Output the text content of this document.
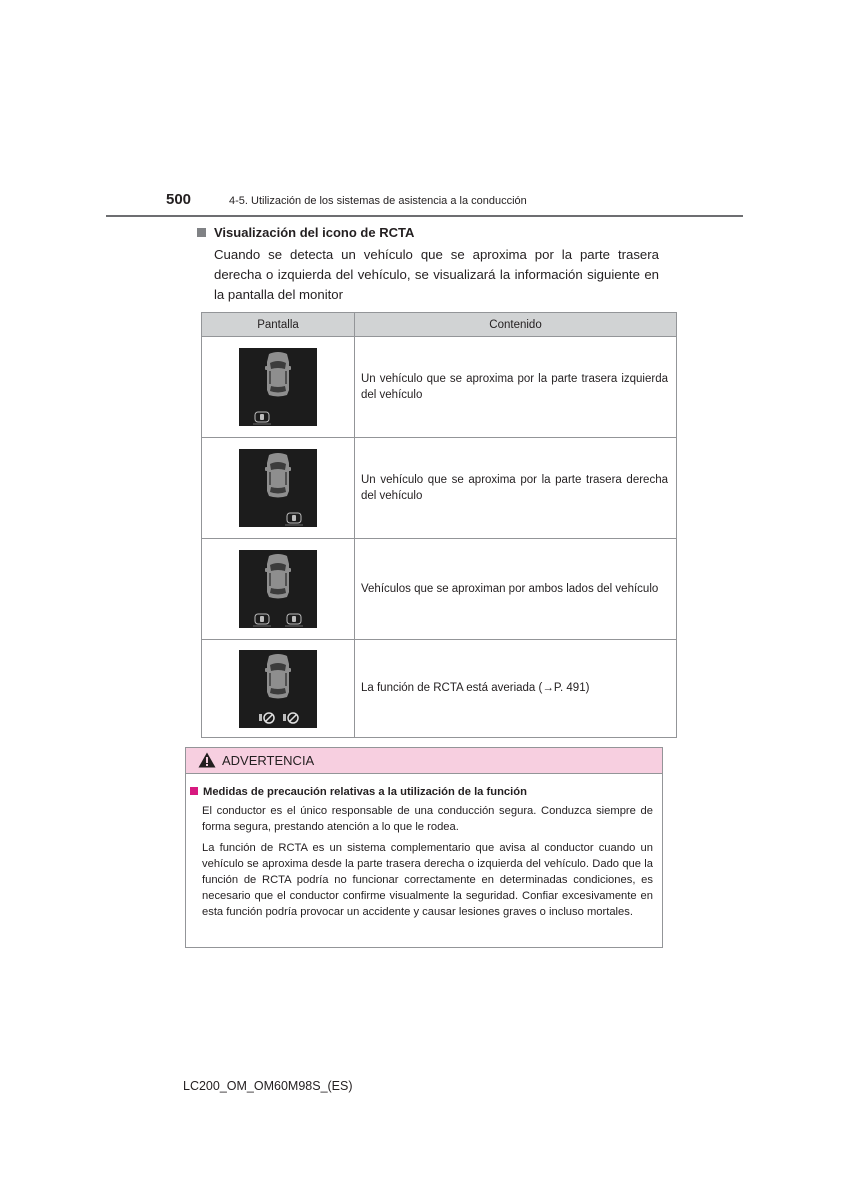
500	4-5. Utilización de los sistemas de asistencia a la conducción
Visualización del icono de RCTA
Cuando se detecta un vehículo que se aproxima por la parte trasera derecha o izquierda del vehículo, se visualizará la información siguiente en la pantalla del monitor
Pantalla	Contenido

	Un vehículo que se aproxima por la parte trasera izquierda del vehículo

	Un vehículo que se aproxima por la parte trasera derecha del vehículo

	Vehículos que se aproximan por ambos lados del vehículo

	La función de RCTA está averiada (→P. 491)
ADVERTENCIA
Medidas de precaución relativas a la utilización de la función
El conductor es el único responsable de una conducción segura. Conduzca siempre de forma segura, prestando atención a lo que le rodea.
La función de RCTA es un sistema complementario que avisa al conductor cuando un vehículo se aproxima desde la parte trasera derecha o izquierda del vehículo. Dado que la función de RCTA podría no funcionar correctamente en determinadas condiciones, es necesario que el conductor confirme visualmente la seguridad. Confiar excesivamente en esta función podría provocar un accidente y causar lesiones graves o incluso mortales.
LC200_OM_OM60M98S_(ES)
